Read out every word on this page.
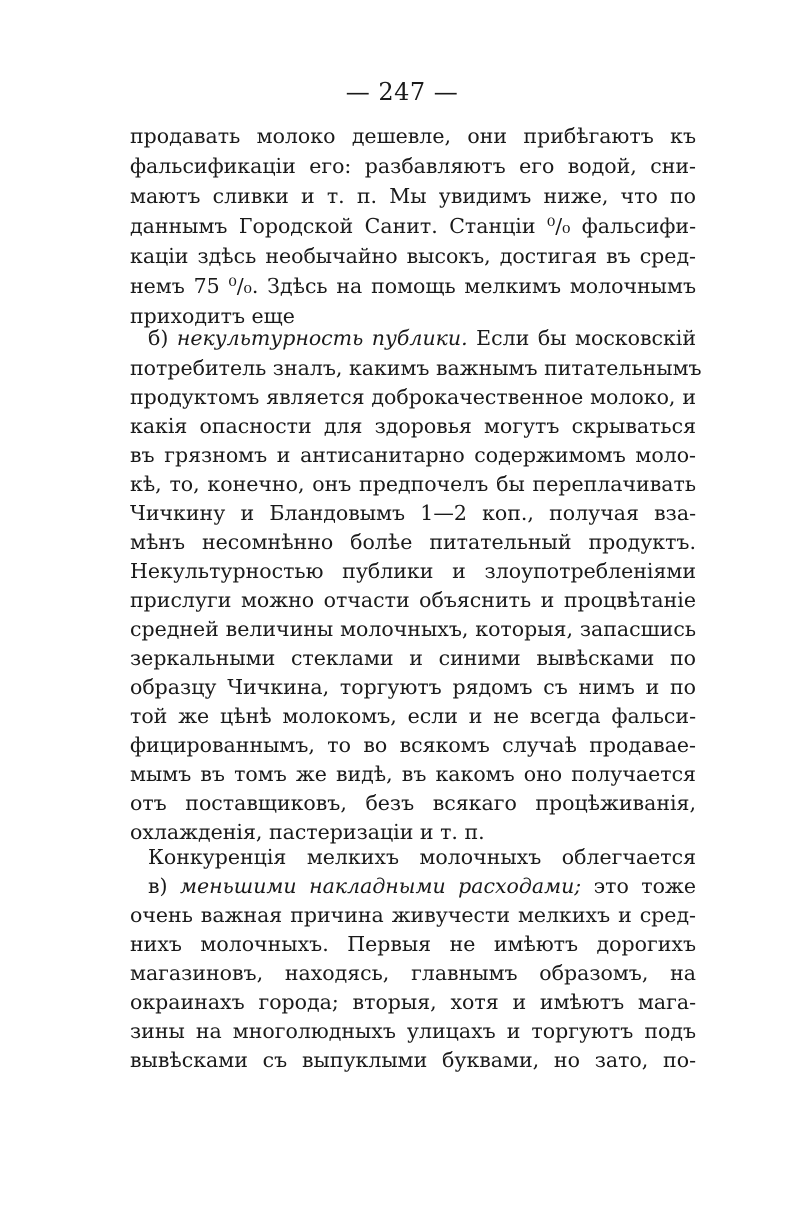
— 247 —
продавать молоко дешевле, они прибѣгаютъ къ
фальсификаціи его: разбавляютъ его водой, сни-
маютъ сливки и т. п. Мы увидимъ ниже, что по
даннымъ Городской Санит. Станціи ⁰/₀ фальсифи-
каціи здѣсь необычайно высокъ, достигая въ сред-
немъ 75 ⁰/₀. Здѣсь на помощь мелкимъ молочнымъ
приходитъ еще
б) некультурность публики. Если бы московскій
потребитель зналъ, какимъ важнымъ питательнымъ
продуктомъ является доброкачественное молоко, и
какія опасности для здоровья могутъ скрываться
въ грязномъ и антисанитарно содержимомъ моло-
кѣ, то, конечно, онъ предпочелъ бы переплачивать
Чичкину и Бландовымъ 1—2 коп., получая вза-
мѣнъ несомнѣнно болѣе питательный продуктъ.
Некультурностью публики и злоупотребленіями
прислуги можно отчасти объяснить и процвѣтаніе
средней величины молочныхъ, которыя, запасшись
зеркальными стеклами и синими вывѣсками по
образцу Чичкина, торгуютъ рядомъ съ нимъ и по
той же цѣнѣ молокомъ, если и не всегда фальси-
фицированнымъ, то во всякомъ случаѣ продавае-
мымъ въ томъ же видѣ, въ какомъ оно получается
отъ поставщиковъ, безъ всякаго процѣживанія,
охлажденія, пастеризаціи и т. п.
Конкуренція мелкихъ молочныхъ облегчается
в) меньшими накладными расходами; это тоже
очень важная причина живучести мелкихъ и сред-
нихъ молочныхъ. Первыя не имѣютъ дорогихъ
магазиновъ, находясь, главнымъ образомъ, на
окраинахъ города; вторыя, хотя и имѣютъ мага-
зины на многолюдныхъ улицахъ и торгуютъ подъ
вывѣсками съ выпуклыми буквами, но зато, по-
